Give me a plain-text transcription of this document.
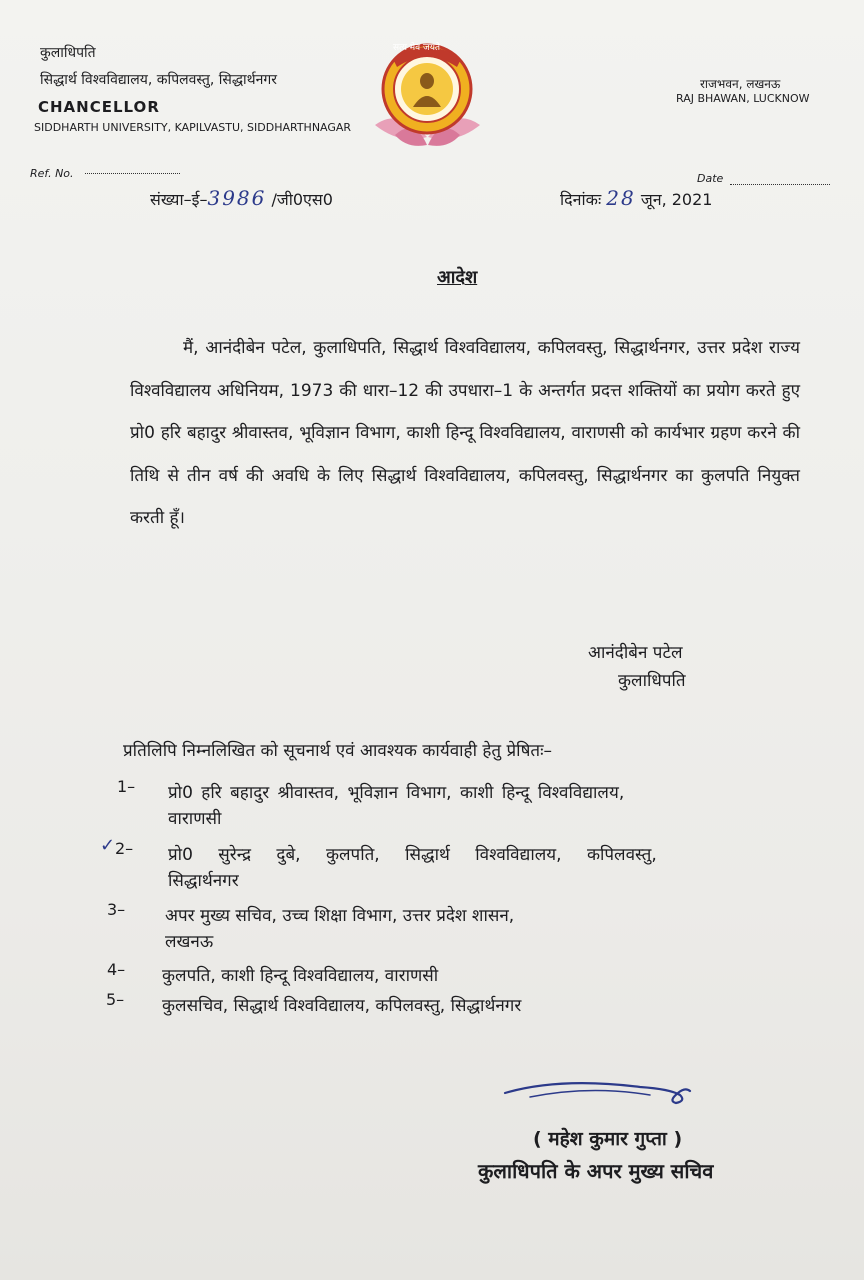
कुलाधिपति
सिद्धार्थ विश्वविद्यालय, कपिलवस्तु, सिद्धार्थनगर
CHANCELLOR
SIDDHARTH UNIVERSITY, KAPILVASTU, SIDDHARTHNAGAR
सत्य मेव जयते
राजभवन, लखनऊ
RAJ BHAWAN, LUCKNOW
Ref. No.	Date
संख्या–ई–3986 /जी0एस0	दिनांकः 28 जून, 2021
आदेश
मैं, आनंदीबेन पटेल, कुलाधिपति, सिद्धार्थ विश्वविद्यालय, कपिलवस्तु, सिद्धार्थनगर, उत्तर प्रदेश राज्य विश्वविद्यालय अधिनियम, 1973 की धारा–12 की उपधारा–1 के अन्तर्गत प्रदत्त शक्तियों का प्रयोग करते हुए प्रो0 हरि बहादुर श्रीवास्तव, भूविज्ञान विभाग, काशी हिन्दू विश्वविद्यालय, वाराणसी को कार्यभार ग्रहण करने की तिथि से तीन वर्ष की अवधि के लिए सिद्धार्थ विश्वविद्यालय, कपिलवस्तु, सिद्धार्थनगर का कुलपति नियुक्त करती हूँ।
आनंदीबेन पटेल
कुलाधिपति
प्रतिलिपि निम्नलिखित को सूचनार्थ एवं आवश्यक कार्यवाही हेतु प्रेषितः–
1– प्रो0 हरि बहादुर श्रीवास्तव, भूविज्ञान विभाग, काशी हिन्दू विश्वविद्यालय,
वाराणसी
✓ 2– प्रो0 सुरेन्द्र दुबे, कुलपति, सिद्धार्थ विश्वविद्यालय, कपिलवस्तु,
सिद्धार्थनगर
3– अपर मुख्य सचिव, उच्च शिक्षा विभाग, उत्तर प्रदेश शासन,
लखनऊ
4– कुलपति, काशी हिन्दू विश्वविद्यालय, वाराणसी
5– कुलसचिव, सिद्धार्थ विश्वविद्यालय, कपिलवस्तु, सिद्धार्थनगर
( महेश कुमार गुप्ता )
कुलाधिपति के अपर मुख्य सचिव
